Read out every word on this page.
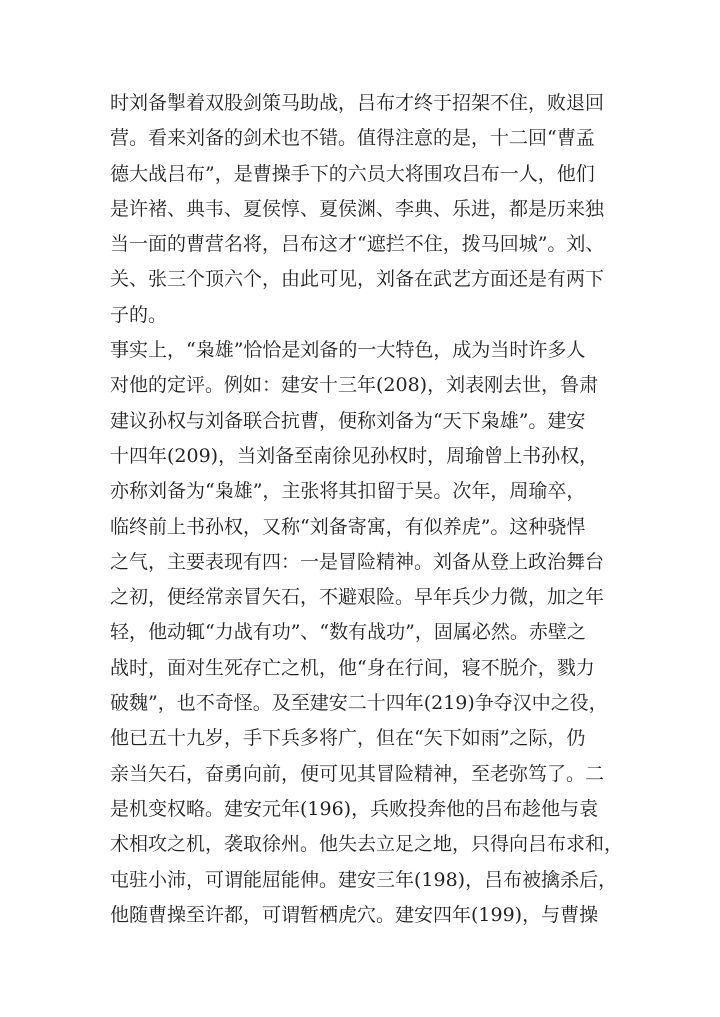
时刘备掣着双股剑策马助战，吕布才终于招架不住，败退回
营。看来刘备的剑术也不错。值得注意的是，十二回“曹孟
德大战吕布”，是曹操手下的六员大将围攻吕布一人，他们
是许褚、典韦、夏侯惇、夏侯渊、李典、乐进，都是历来独
当一面的曹营名将，吕布这才“遮拦不住，拨马回城”。刘、
关、张三个顶六个，由此可见，刘备在武艺方面还是有两下
子的。
事实上，“枭雄”恰恰是刘备的一大特色，成为当时许多人
对他的定评。例如：建安十三年(208)，刘表刚去世，鲁肃
建议孙权与刘备联合抗曹，便称刘备为“天下枭雄”。建安
十四年(209)，当刘备至南徐见孙权时，周瑜曾上书孙权，
亦称刘备为“枭雄”，主张将其扣留于吴。次年，周瑜卒，
临终前上书孙权，又称“刘备寄寓，有似养虎”。这种骁悍
之气，主要表现有四：一是冒险精神。刘备从登上政治舞台
之初，便经常亲冒矢石，不避艰险。早年兵少力微，加之年
轻，他动辄“力战有功”、“数有战功”，固属必然。赤壁之
战时，面对生死存亡之机，他“身在行间，寝不脱介，戮力
破魏”，也不奇怪。及至建安二十四年(219)争夺汉中之役，
他已五十九岁，手下兵多将广，但在“矢下如雨”之际，仍
亲当矢石，奋勇向前，便可见其冒险精神，至老弥笃了。二
是机变权略。建安元年(196)，兵败投奔他的吕布趁他与袁
术相攻之机，袭取徐州。他失去立足之地，只得向吕布求和，
屯驻小沛，可谓能屈能伸。建安三年(198)，吕布被擒杀后，
他随曹操至许都，可谓暂栖虎穴。建安四年(199)，与曹操
